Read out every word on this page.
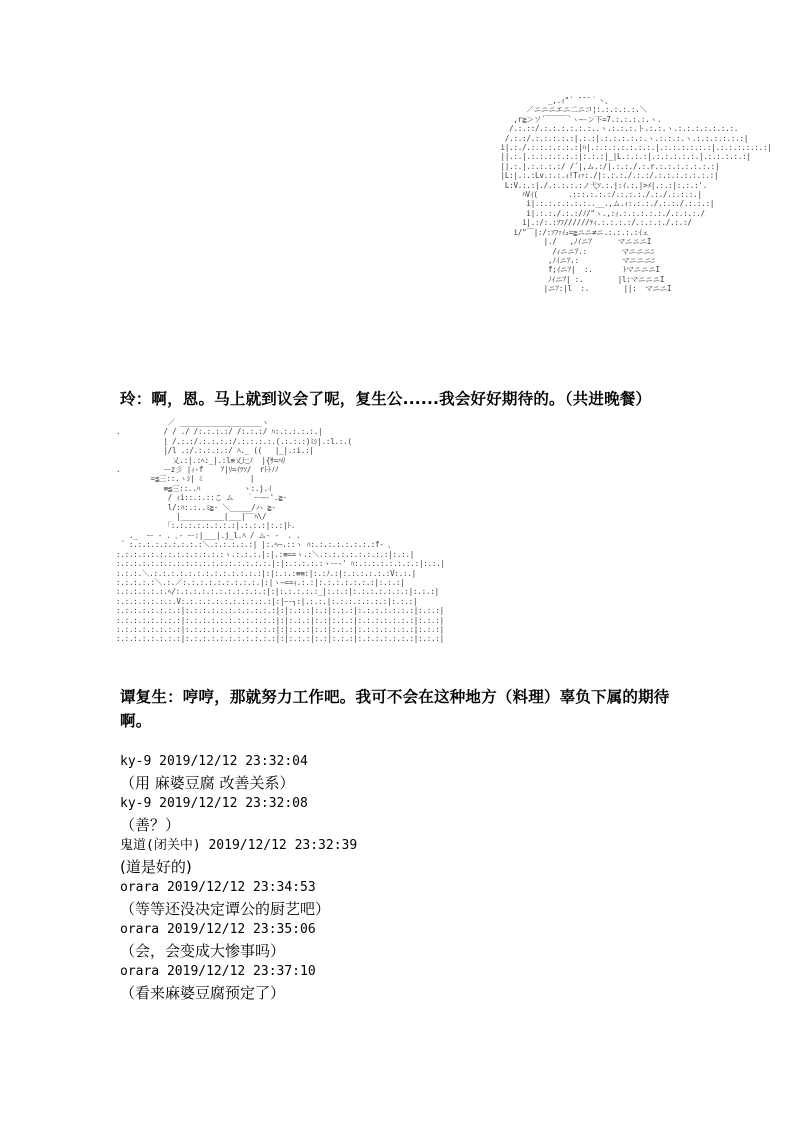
_,.ｨ"´ ̄ ̄ ̄ ｀ヽ、
／ニニニエニ二ニコ¦:.:.:.:.:.＼
,r≧＞ソ´￣￣￣`ヽ—-ン下=7.:.:.:.:.ヽ.
/.:.::/.:.:.:.:.:.:..ヽ.:.:.:.ト.:.:.ヽ.:.:.:.:.:.:.:.
/.:.:/.:.:.:.:.:|.:.:|.:.:.:.:.:.ヽ.:.:.:.ヽ.:.:.:.:.:.:|
i|.:./.:.:.:.:.:.:|ﾊ|.:.:.:.:.:.:.:.|.:.:.:.:.:.:|.:.:.:.:.:.:|
||.:.|.:.:.:.:.:.:|:.:.:|_|L.:.:.:|.:.:.:.:.:.|.:.:.:.:.:|
||.:.|.:.:.:.:/ /´|,ム.:/|.:.:./.:.r.:.:.:.:.:.:.:|
|L:|.:.:Lv.:.:.ｨ!Tｨｧ:./|:.:.:./.:.:/.:.:.:.:.:.:.:|
L:V.:.:|./.:.:.:.:ノ弋ｿ.:.|:ｲ.:.|>ﾒ|.:.:|:.:.:'.
ﾊVｲ(       .:::.:.:.:/.:.:.:./.:./.:.:.:.|
i|.:.:.:.:.:.:..__.,ム.ｨ:.:.:./.:.:./.:.:.:|
i|.:.:./.:.:/ﾉ/"ヽ.,:ｨ.:.:.:.:.:./.:.:.:./
i|.:/:.:ｿﾌ//////ﾃｨ.:.:.:.:/.:.:.:./.:.:/
i/"￣|:/:ｿﾌｧｲｭ=≧ニニ≠ニ.:.:.:.:ｲェ
|./   ,ﾉｲニｱ      マニニニI
/ｨニニｱ.:        マニニニﾆ
,ﾉｲニｱ.:          マニニニﾆ
f;ｲニｱ|  :.       ﾄマニニニI
ﾉｲニｱ| :.        |l:マニニニI
|ニｱ:|l  :.        ||:  マニニI
玲：啊，恩。马上就到议会了呢，复生公......我会好好期待的。（共进晚餐）
／ ___________________ヽ
.          / / ./ /:.:.:.:/ /:.:.:/ ﾊ:.:.:.:.:.|
| /.:.:/.:.:.:.:/.:.:.:.:.(.:.:.:)ﾐｼ|.:l.:.(
|/l .:/.:.:.:.:/ ﾊ._ ((   |_|.:i.:|
乂.:|.:ﾍ:_|.:l≡乂辷ﾉ  |{ｻ=ﾊﾘ
.          ーz彡 |ｨ-f    ｱ|ﾘ=ｲﾂｿ/  rﾄﾄﾉﾉ
=≦三::.ヽｼ| ﾐ           |
≡≦三::..ﾊ          ヽ:.j.ｲ
/ ｨi::.:.::こ ム   ｀ー—‐'.≧-
l/:ﾊ:.:..ﾐ≧- ＼_____/ハ ≧-
|__________|___|‾‾ﾊ\/
「:.:.:.:.:.:.:.:|.:.:.:|:.:|ﾄ.
._  ー ‐ . ､‐ ー:|___|.j_l.ﾊ / ム‐ ‐  . .
´ :.:.:.:.:.:.:.:.:＼.:.:.:.:.:| |:.ﾍ—.::ヽ ﾊ:.:.:.:.:.:.:.:f‐ 、
:.:.:.:.:.:.:.:.:.:.:.:.:ヽ.:.:.:.|:|.:≡==ヽ.:＼.:.:.:.:.:.:.:.:|:.:.|
:.:.:.:.:.:.:.:.:.:.:.:.:.:.:.:.:.:.|:|:.:.:.:.:ヽー‐' ﾊ:.:.:.:.:.:.:.:|:.:.|
:.:.:.＼.:.:.:.:.:.:.:.:.:.:.:.:.:|:|:.:.:≡≡:|:.:ﾉ.:|:.:.:.:.:.:V:.:.|
:.:.:.:.:＼.:.／:.:.:.:.:.:.:.:.:.|:|ヽ—==ｨ.:.:|:.:.:.:.:.:.:|:.:.:|
:.:.:.:.:.:.ﾍ/:.:.:.:.:.:.:.:.:.:.:|:|:.:.:.:.:_|:.:.:|:.:.:.:.:.:.:|:.:.:|
:.:.:.:.:.:.:.V:.:.:.:.:.:.:.:.:.:.:|:|ｰ‐┐:|.:.:.|:.:.:.:.:.:.:|:.:.:|
:.:.:.:.:.:.:.:|:.:.:.:.:.:.:.:.:.:.:|:|:.:.:|:.:|:.:.:|:.:.:.:.:.:.:|:.:.:|
:.:.:.:.:.:.:.:|:.:.:.:.:.:.:.:.:.:.:|:|:.:.:|:.:|:.:.:|:.:.:.:.:.:.:|:.:.:|
:.:.:.:.:.:.:.:|:.:.:.:.:.:.:.:.:.:.:|:|:.:.:|:.:|:.:.:|:.:.:.:.:.:.:|:.:.:|
:.:.:.:.:.:.:.:|:.:.:.:.:.:.:.:.:.:.:|:|:.:.:|:.:|:.:.:|:.:.:.:.:.:.:|:.:.:|
谭复生：哼哼，那就努力工作吧。我可不会在这种地方（料理）辜负下属的期待啊。
ky-9 2019/12/12 23:32:04
（用 麻婆豆腐 改善关系）
ky-9 2019/12/12 23:32:08
（善？）
鬼道(闭关中) 2019/12/12 23:32:39
(道是好的)
orara 2019/12/12 23:34:53
（等等还没决定谭公的厨艺吧）
orara 2019/12/12 23:35:06
（会，会变成大惨事吗）
orara 2019/12/12 23:37:10
（看来麻婆豆腐预定了）
